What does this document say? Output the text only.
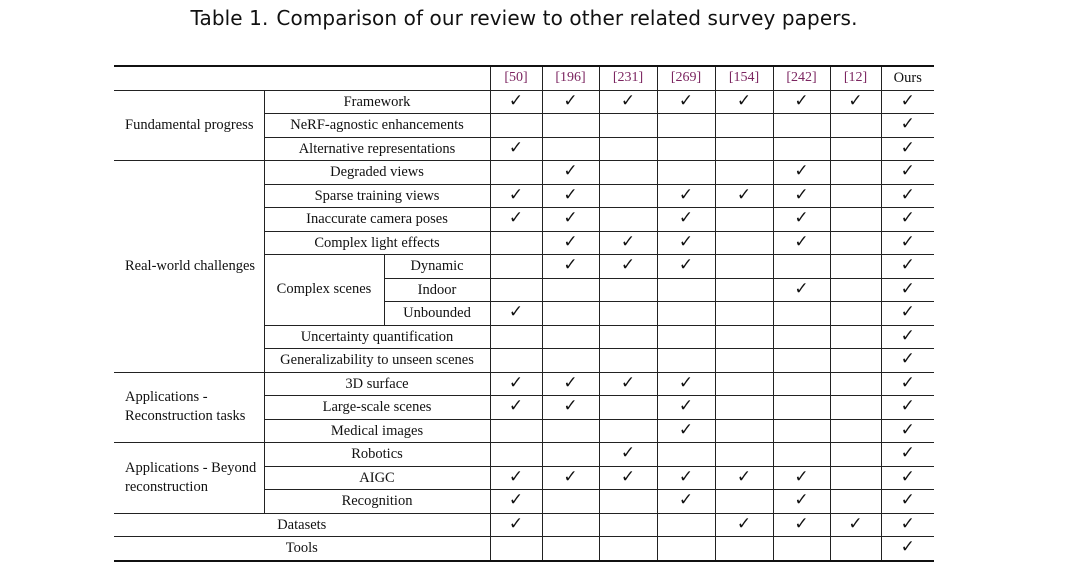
Table 1. Comparison of our review to other related survey papers.
			[50]	[196]	[231]	[269]	[154]	[242]	[12]	Ours
Fundamental progress	Framework		✓	✓	✓	✓	✓	✓	✓	✓
	NeRF-agnostic enhancements									✓
	Alternative representations		✓							✓
Real-world challenges	Degraded views			✓				✓		✓
	Sparse training views		✓	✓		✓	✓	✓		✓
	Inaccurate camera poses		✓	✓		✓		✓		✓
	Complex light effects			✓	✓	✓		✓		✓
	Complex scenes	Dynamic		✓	✓	✓				✓
		Indoor						✓		✓
		Unbounded	✓							✓
	Uncertainty quantification									✓
	Generalizability to unseen scenes									✓
Applications - Reconstruction tasks	3D surface		✓	✓	✓	✓				✓
	Large-scale scenes		✓	✓		✓				✓
	Medical images					✓				✓
Applications - Beyond reconstruction	Robotics				✓					✓
	AIGC		✓	✓	✓	✓	✓	✓		✓
	Recognition		✓			✓		✓		✓
Datasets			✓				✓	✓	✓	✓
Tools										✓
